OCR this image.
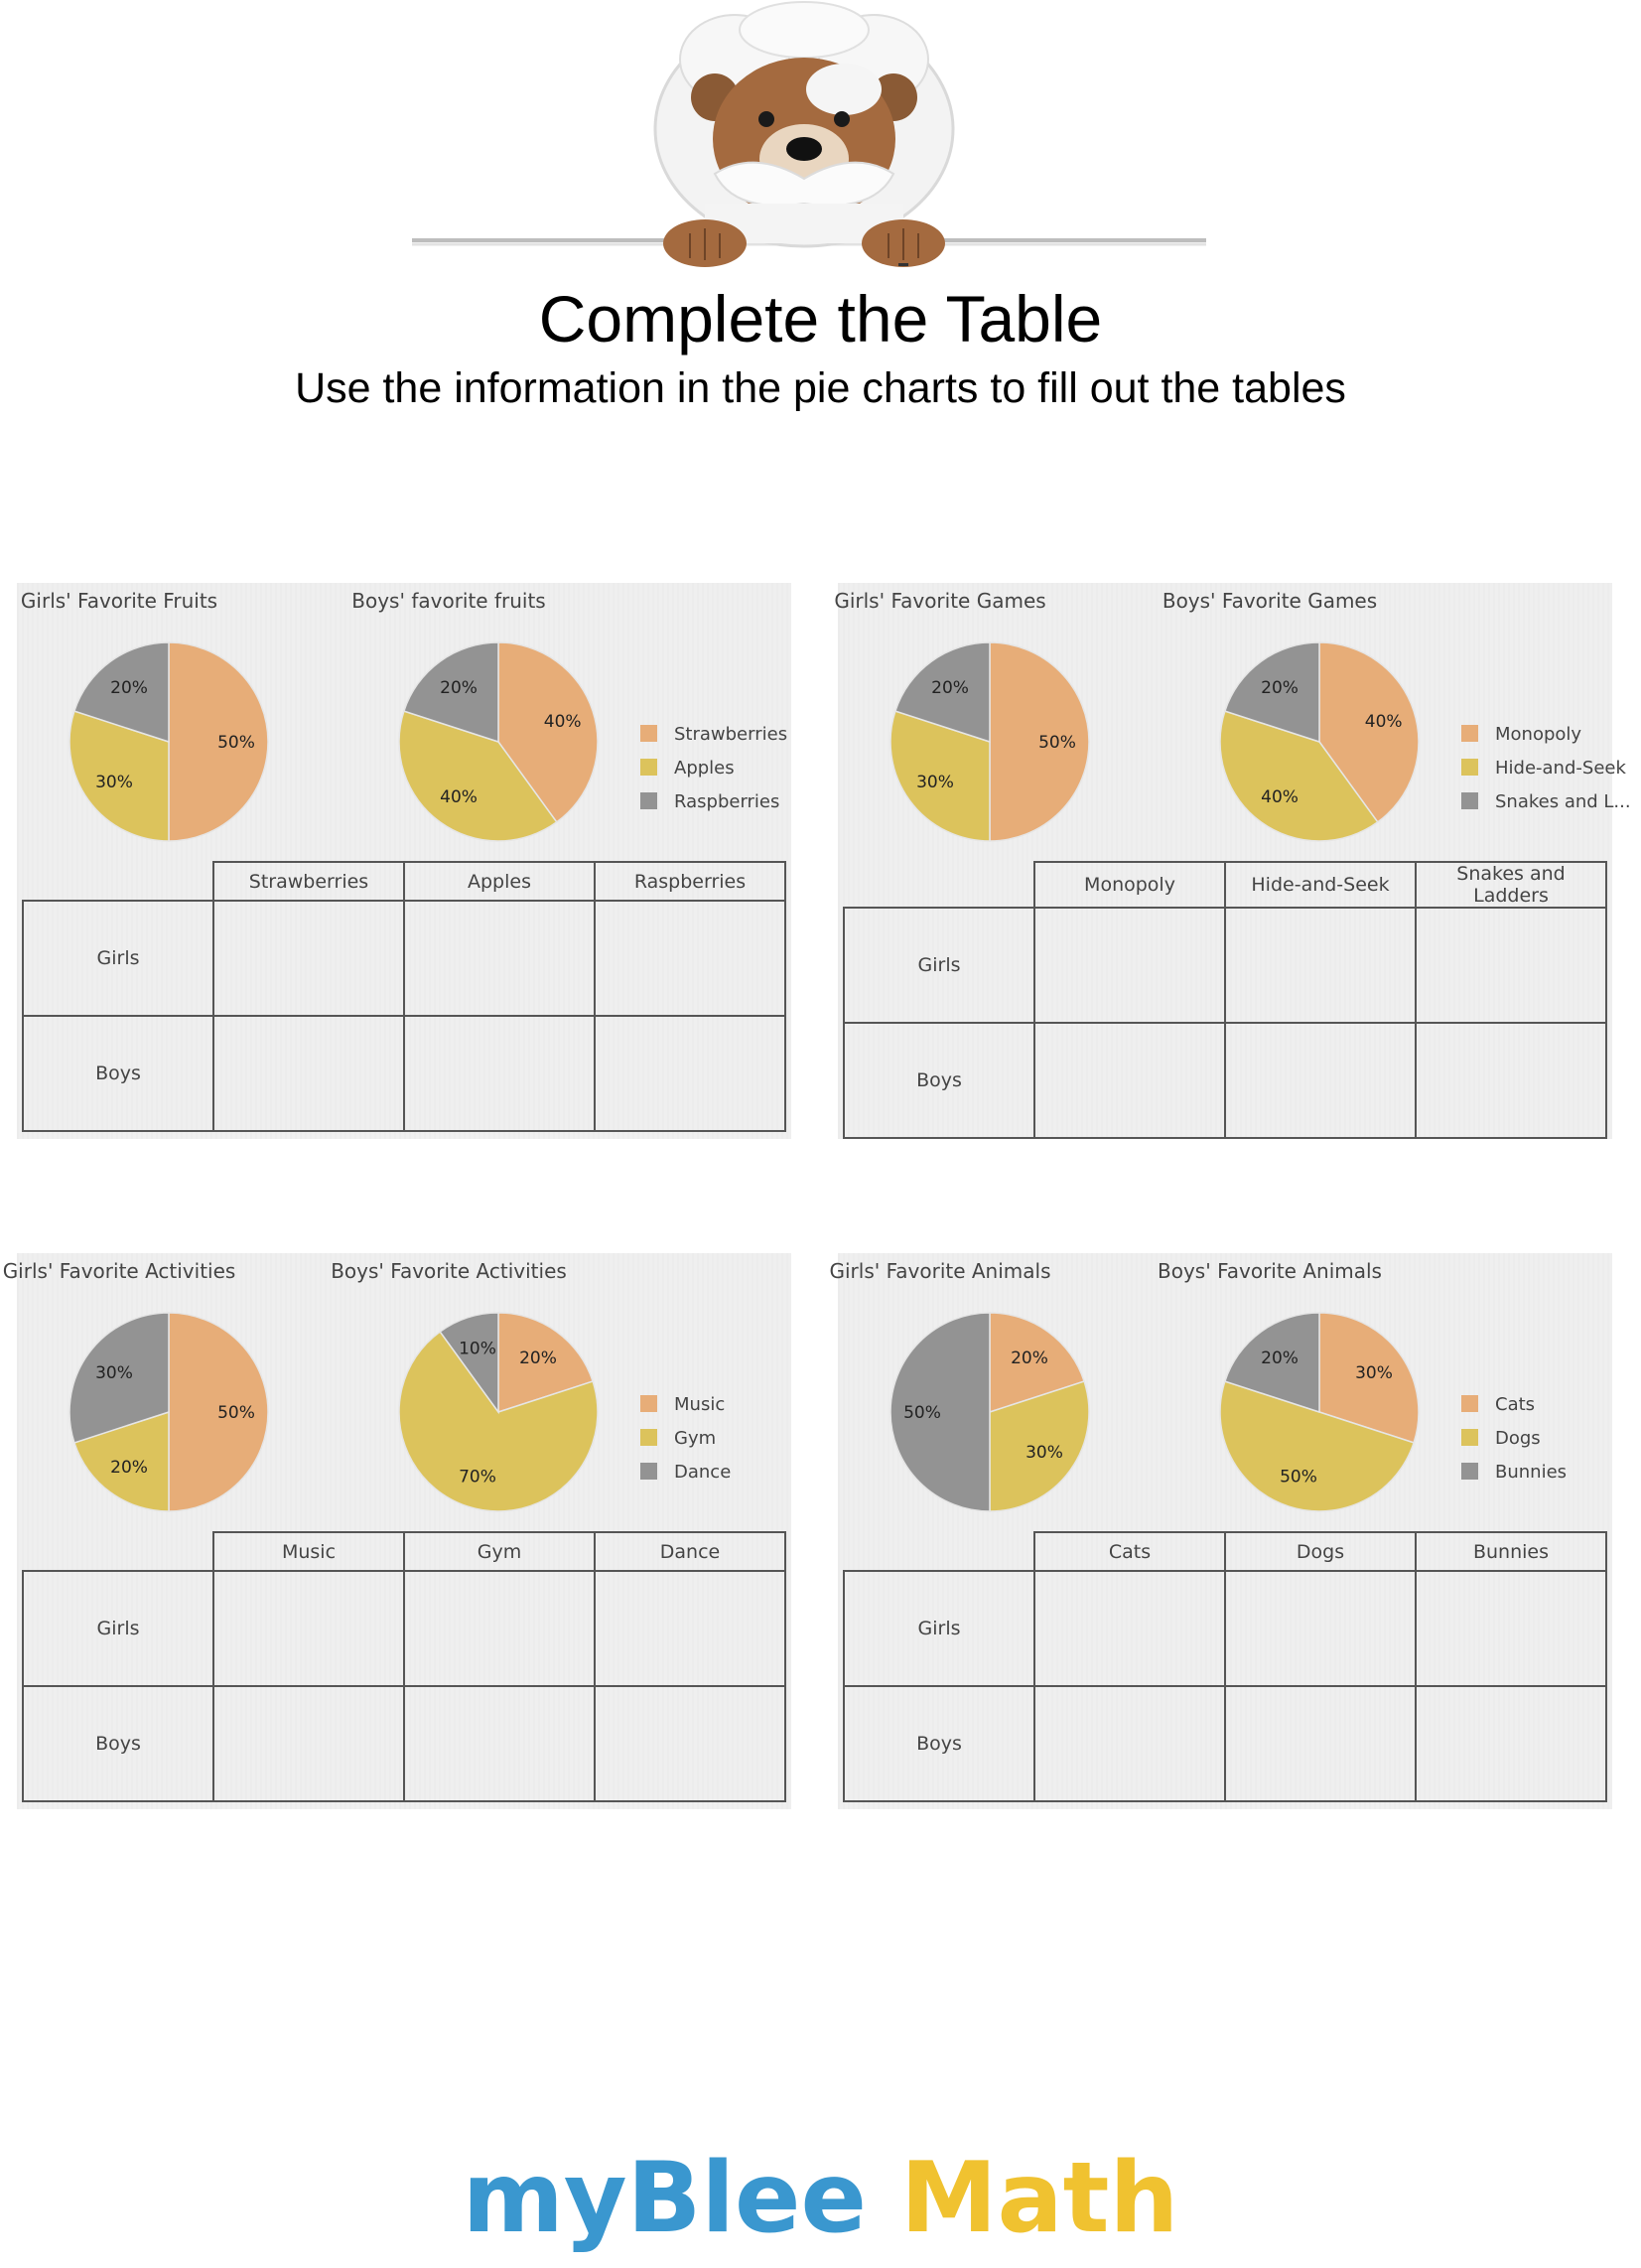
Complete the Table
Use the information in the pie charts to fill out the tables
Girls' Favorite Fruits
50%
30%
20%
Boys' favorite fruits
40%
40%
20%
Strawberries
Apples
Raspberries
	Strawberries	Apples	Raspberries
Girls			
Boys			
Girls' Favorite Games
50%
30%
20%
Boys' Favorite Games
40%
40%
20%
Monopoly
Hide-and-Seek
Snakes and L...
	Monopoly	Hide-and-Seek	Snakes and Ladders
Girls			
Boys			
Girls' Favorite Activities
50%
20%
30%
Boys' Favorite Activities
20%
70%
10%
Music
Gym
Dance
	Music	Gym	Dance
Girls			
Boys			
Girls' Favorite Animals
20%
30%
50%
Boys' Favorite Animals
30%
50%
20%
Cats
Dogs
Bunnies
	Cats	Dogs	Bunnies
Girls			
Boys			
myBlee Math
